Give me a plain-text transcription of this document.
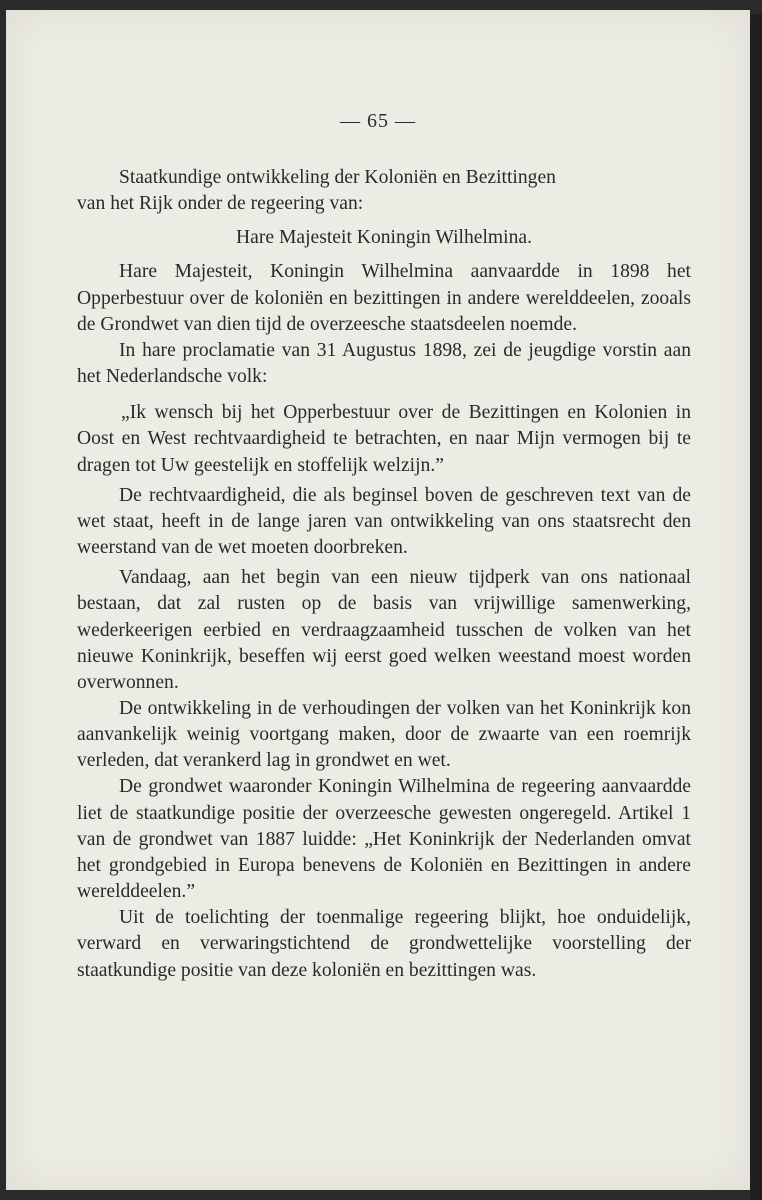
— 65 —

Staatkundige ontwikkeling der Koloniën en Bezittingen

van het Rijk onder de regeering van:

Hare Majesteit Koningin Wilhelmina.

Hare Majesteit, Koningin Wilhelmina aanvaardde in 1898 het Opperbestuur over de koloniën en bezittingen in andere werelddeelen, zooals de Grondwet van dien tijd de overzeesche staatsdeelen noemde.

In hare proclamatie van 31 Augustus 1898, zei de jeugdige vorstin aan het Nederlandsche volk:

„Ik wensch bij het Opperbestuur over de Bezittingen en Kolonien in Oost en West rechtvaardigheid te betrachten, en naar Mijn vermogen bij te dragen tot Uw geestelijk en stoffelijk welzijn.”

De rechtvaardigheid, die als beginsel boven de geschreven text van de wet staat, heeft in de lange jaren van ontwikkeling van ons staatsrecht den weerstand van de wet moeten doorbreken.

Vandaag, aan het begin van een nieuw tijdperk van ons nationaal bestaan, dat zal rusten op de basis van vrijwillige samenwerking, wederkeerigen eerbied en verdraagzaamheid tusschen de volken van het nieuwe Koninkrijk, beseffen wij eerst goed welken weestand moest worden overwonnen.

De ontwikkeling in de verhoudingen der volken van het Koninkrijk kon aanvankelijk weinig voortgang maken, door de zwaarte van een roemrijk verleden, dat verankerd lag in grondwet en wet.

De grondwet waaronder Koningin Wilhelmina de regeering aanvaardde liet de staatkundige positie der overzeesche gewesten ongeregeld. Artikel 1 van de grondwet van 1887 luidde: „Het Koninkrijk der Nederlanden omvat het grondgebied in Europa benevens de Koloniën en Bezittingen in andere werelddeelen.”

Uit de toelichting der toenmalige regeering blijkt, hoe onduidelijk, verward en verwaringstichtend de grondwettelijke voorstelling der staatkundige positie van deze koloniën en bezittingen was.
